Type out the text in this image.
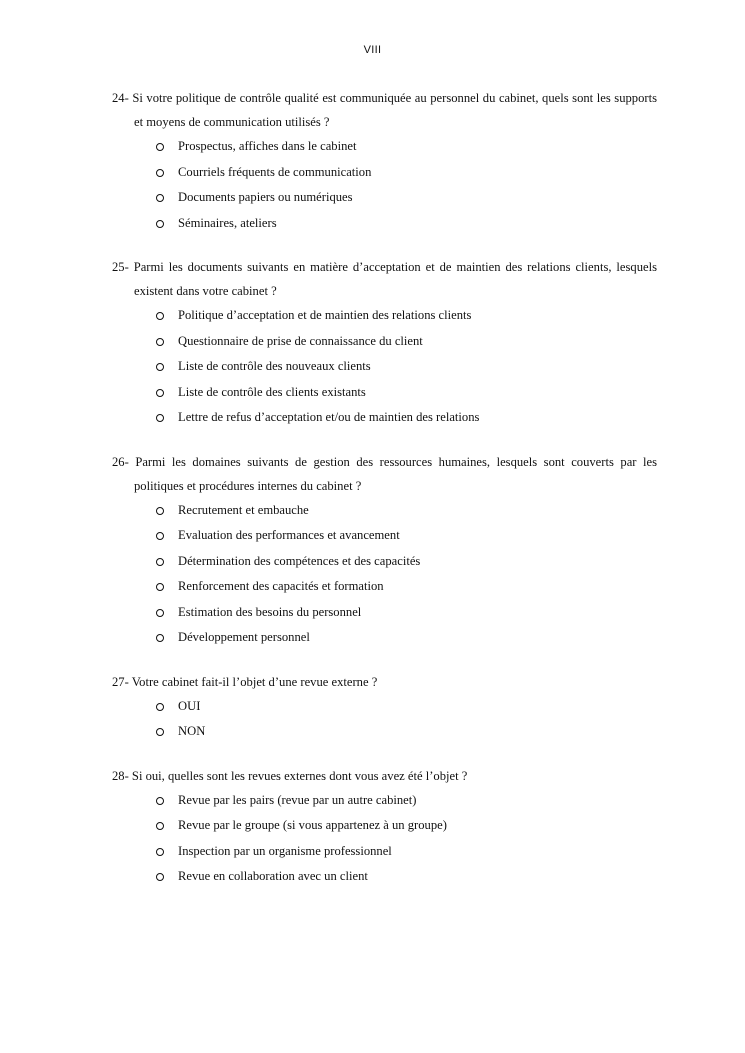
VIII
24- Si votre politique de contrôle qualité est communiquée au personnel du cabinet, quels sont les supports et moyens de communication utilisés ?
Prospectus, affiches dans le cabinet
Courriels fréquents de communication
Documents papiers ou numériques
Séminaires, ateliers
25- Parmi les documents suivants en matière d’acceptation et de maintien des relations clients, lesquels existent dans votre cabinet ?
Politique d’acceptation et de maintien des relations clients
Questionnaire de prise de connaissance du client
Liste de contrôle des nouveaux clients
Liste de contrôle des clients existants
Lettre de refus d’acceptation et/ou de maintien des relations
26- Parmi les domaines suivants de gestion des ressources humaines, lesquels sont couverts par les politiques et procédures internes du cabinet ?
Recrutement et embauche
Evaluation des performances et avancement
Détermination des compétences et des capacités
Renforcement des capacités et formation
Estimation des besoins du personnel
Développement personnel
27- Votre cabinet fait-il l’objet d’une revue externe ?
OUI
NON
28- Si oui, quelles sont les revues externes dont vous avez été l’objet ?
Revue par les pairs (revue par un autre cabinet)
Revue par le groupe (si vous appartenez à un groupe)
Inspection par un organisme professionnel
Revue en collaboration avec un client
